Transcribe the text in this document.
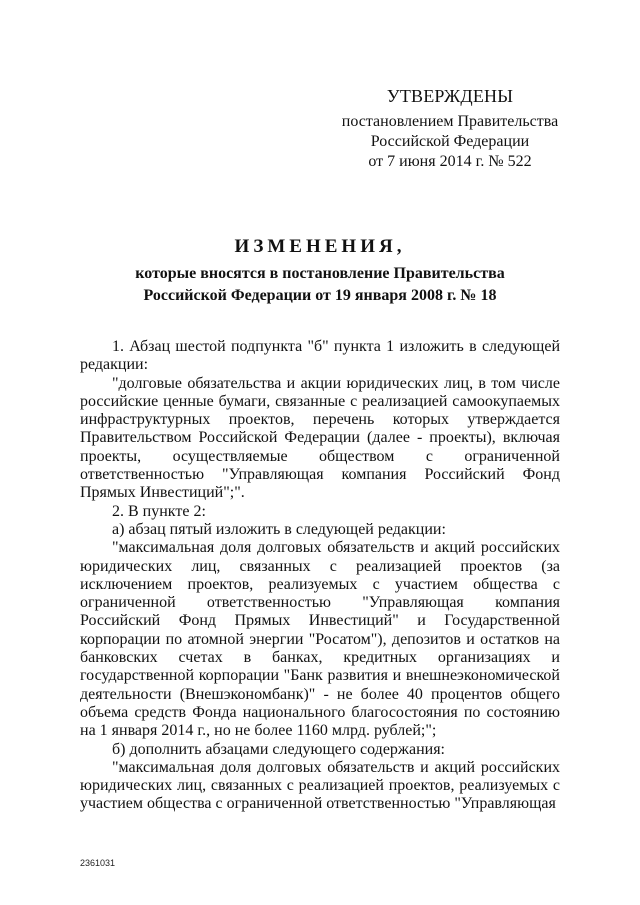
УТВЕРЖДЕНЫ
постановлением Правительства
Российской Федерации
от 7 июня 2014 г. № 522
ИЗМЕНЕНИЯ,
которые вносятся в постановление Правительства
Российской Федерации от 19 января 2008 г. № 18

1. Абзац шестой подпункта "б" пункта 1 изложить в следующей редакции:

"долговые обязательства и акции юридических лиц, в том числе российские ценные бумаги, связанные с реализацией самоокупаемых инфраструктурных проектов, перечень которых утверждается Правительством Российской Федерации (далее - проекты), включая проекты, осуществляемые обществом с ограниченной ответственностью "Управляющая компания Российский Фонд Прямых Инвестиций";".

2. В пункте 2:

а) абзац пятый изложить в следующей редакции:

"максимальная доля долговых обязательств и акций российских юридических лиц, связанных с реализацией проектов (за исключением проектов, реализуемых с участием общества с ограниченной ответственностью "Управляющая компания Российский Фонд Прямых Инвестиций" и Государственной корпорации по атомной энергии "Росатом"), депозитов и остатков на банковских счетах в банках, кредитных организациях и государственной корпорации "Банк развития и внешнеэкономической деятельности (Внешэкономбанк)" - не более 40 процентов общего объема средств Фонда национального благосостояния по состоянию на 1 января 2014 г., но не более 1160 млрд. рублей;";

б) дополнить абзацами следующего содержания:

"максимальная доля долговых обязательств и акций российских юридических лиц, связанных с реализацией проектов, реализуемых с участием общества с ограниченной ответственностью "Управляющая

2361031
